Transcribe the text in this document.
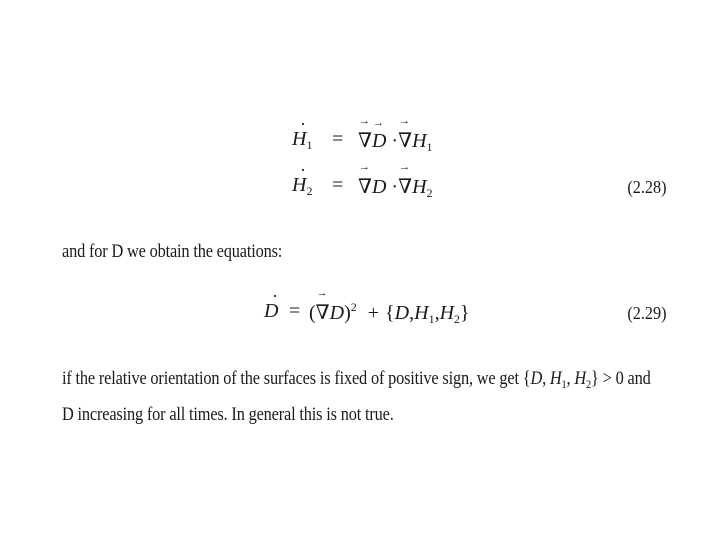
· $H_1$ = → ∇→ $D \cdot\to \nabla H_1$
· $H_2$ = → $\nabla D \cdot\to \nabla H_2$	(2.28)
and for D we obtain the equations:
· D = (→ $\nabla D)^2 + \{D,H_1,H_2\}$	(2.29)
if the relative orientation of the surfaces is fixed of positive sign, we get {D, $H_1$, $H_2\} > 0$ and
D increasing for all times. In general this is not true.
